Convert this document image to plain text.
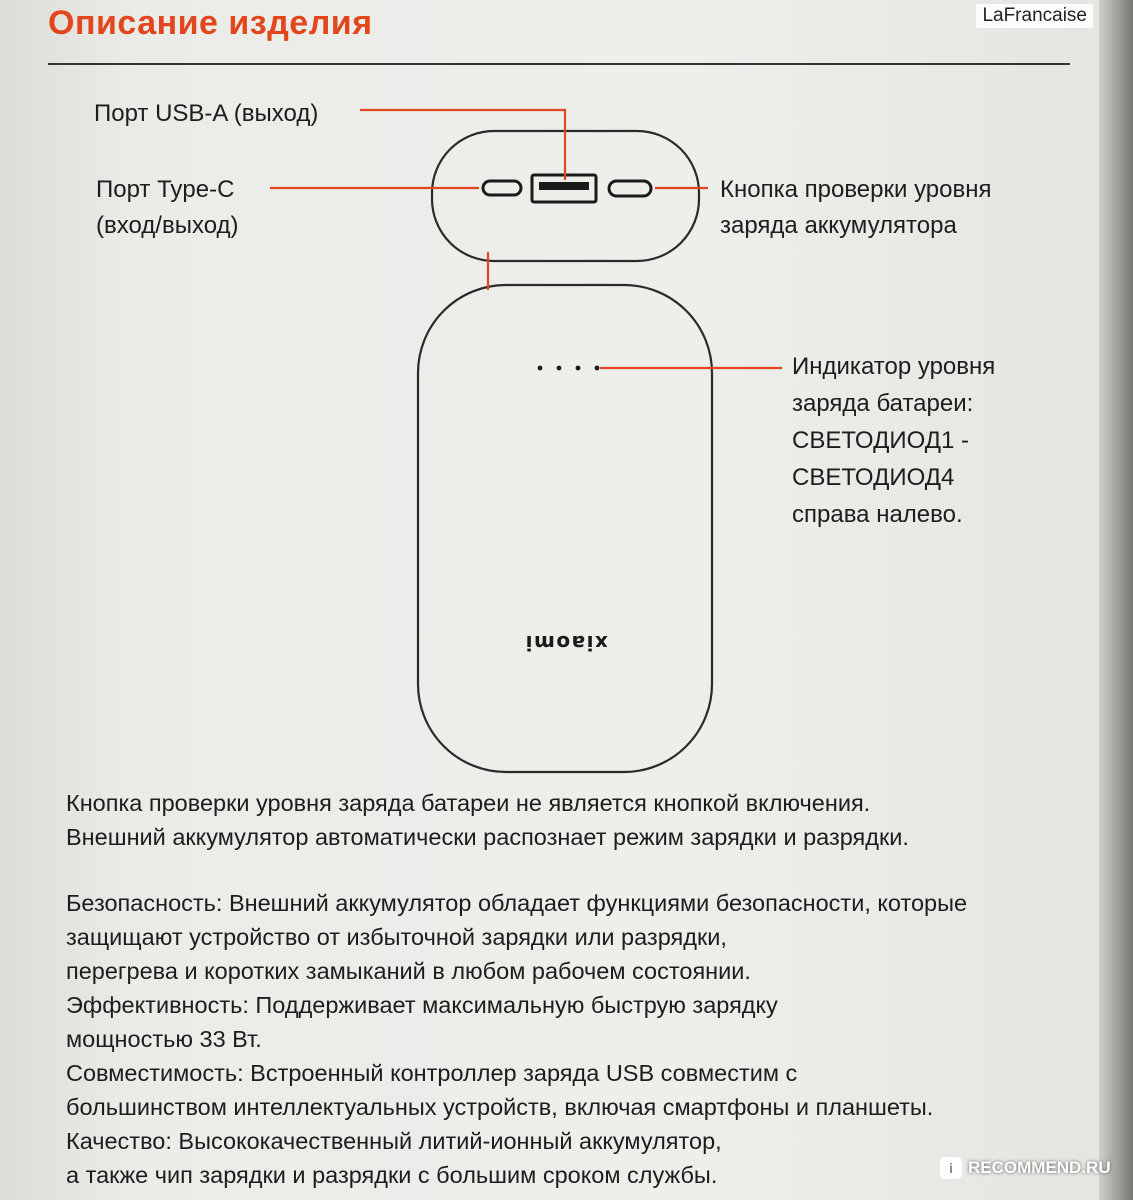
Описание изделия	LaFrancaise
xiaomi
Порт USB-A (выход)
Порт Type-C
(вход/выход)
Кнопка проверки уровня
заряда аккумулятора
Индикатор уровня
заряда батареи:
СВЕТОДИОД1 -
СВЕТОДИОД4
справа налево.

Кнопка проверки уровня заряда батареи не является кнопкой включения.

Внешний аккумулятор автоматически распознает режим зарядки и разрядки.

Безопасность: Внешний аккумулятор обладает функциями безопасности, которые

защищают устройство от избыточной зарядки или разрядки,

перегрева и коротких замыканий в любом рабочем состоянии.

Эффективность: Поддерживает максимальную быструю зарядку

мощностью 33 Вт.

Совместимость: Встроенный контроллер заряда USB совместим с

большинством интеллектуальных устройств, включая смартфоны и планшеты.

Качество: Высококачественный литий-ионный аккумулятор,

а также чип зарядки и разрядки с большим сроком службы.	i RECOMMEND.RU
